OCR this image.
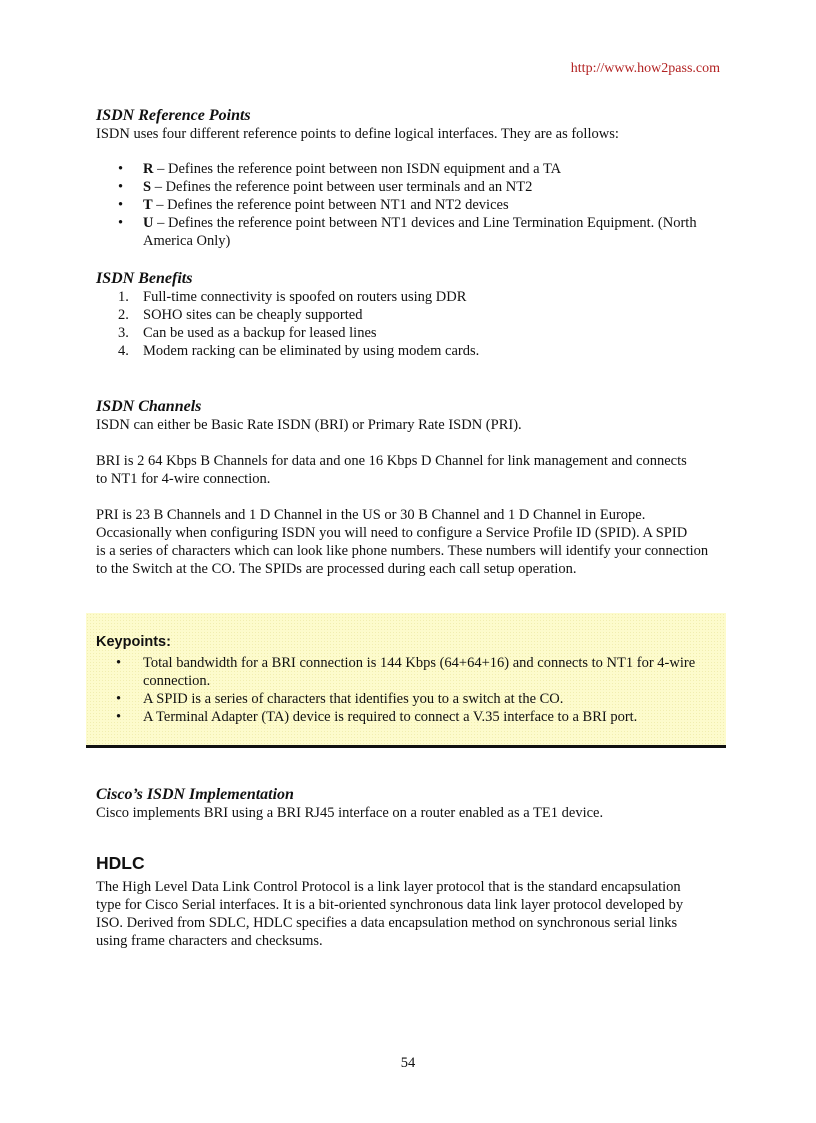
http://www.how2pass.com
ISDN Reference Points

ISDN uses four different reference points to define logical interfaces. They are as follows:

• R – Defines the reference point between non ISDN equipment and a TA
• S – Defines the reference point between user terminals and an NT2
• T – Defines the reference point between NT1 and NT2 devices
• U – Defines the reference point between NT1 devices and Line Termination Equipment. (North America Only)
ISDN Benefits
1. Full-time connectivity is spoofed on routers using DDR
2. SOHO sites can be cheaply supported
3. Can be used as a backup for leased lines
4. Modem racking can be eliminated by using modem cards.
ISDN Channels

ISDN can either be Basic Rate ISDN (BRI) or Primary Rate ISDN (PRI).

BRI is 2 64 Kbps B Channels for data and one 16 Kbps D Channel for link management and connects

to NT1 for 4-wire connection.

PRI is 23 B Channels and 1 D Channel in the US or 30 B Channel and 1 D Channel in Europe.

Occasionally when configuring ISDN you will need to configure a Service Profile ID (SPID). A SPID

is a series of characters which can look like phone numbers. These numbers will identify your connection

to the Switch at the CO. The SPIDs are processed during each call setup operation.

Keypoints:
• Total bandwidth for a BRI connection is 144 Kbps (64+64+16) and connects to NT1 for 4-wire connection.
• A SPID is a series of characters that identifies you to a switch at the CO.
• A Terminal Adapter (TA) device is required to connect a V.35 interface to a BRI port.
Cisco’s ISDN Implementation

Cisco implements BRI using a BRI RJ45 interface on a router enabled as a TE1 device.

HDLC

The High Level Data Link Control Protocol is a link layer protocol that is the standard encapsulation

type for Cisco Serial interfaces. It is a bit-oriented synchronous data link layer protocol developed by

ISO. Derived from SDLC, HDLC specifies a data encapsulation method on synchronous serial links

using frame characters and checksums.

54
